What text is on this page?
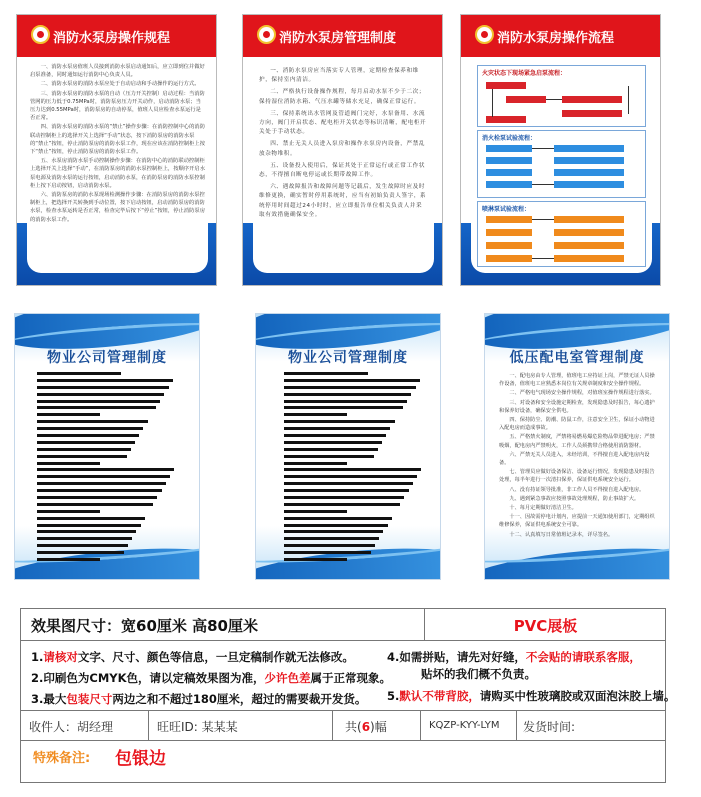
消防水泵房操作规程

一、消防水泵房值班人员接到消防水泵启动通知后，应立即到位并做好启泵准备，同时通知运行消防中心负责人员。

二、消防水泵房的消防水泵应处于自动启动和手动操作的运行方式。

三、消防水泵房的消防水泵的自动（压力开关控制）启动过程：当消防管网的压力低于0.75MPa时，消防泵房压力开关动作，启动消防水泵；当压力达到0.55MPa时，消防泵房的自动停泵，值班人员应检查水泵运行是否正常。

四、消防水泵房的消防水泵的“禁止”操作步骤：在消防控制中心的消防联动控制柜上的选择开关上选择“手动”状态，按下消防泵房的消防水泵的“禁止”按钮，停止消防泵房的消防水泵工作，现在应该在消防控制柜上按下“禁止”按钮，停止消防泵房的消防水泵工作。

五、水泵房消防水泵手动控制操作步骤：在消防中心的消防联动控制柜上选择开关上选择“手动”，在消防泵房的消防水泵控制柜上，按顺序开启水泵电源及消防水泵的运行按钮，启动消防水泵，在消防泵房的消防水泵控制柜上按下启动按钮，启动消防水泵。

六、消防泵房的消防水泵现场检测操作步骤：在消防泵房的消防水泵控制柜上，把选择开关转换到手动位置，按下启动按钮，启动消防泵房的消防水泵，检查水泵运转是否正常，检查完毕后按下“停止”按钮，停止消防泵房的消防水泵工作。

消防水泵房管理制度

一、消防水泵房应当落实专人管理，定期检查保养和维护，保持室内清洁。

二、严格执行设备操作规程，每月启动水泵不少于二次；保持湿位消防水箱、气压水罐等储水充足，确保正常运行。

三、保持系统出水管网及管道阀门完好，水泵备用、水流方向，阀门开启状态、配电柜开关状态等标识清晰，配电柜开关处于手动状态。

四、禁止无关人员进入泵房和操作水泵房内设备，严禁乱放杂物堆积。

五、设备投入使用后，保证其处于正常运行或正常工作状态，不得擅自断电停运或长期带故障工作。

六、遇故障报告和故障问题等记载后，发生故障时应及时维修更换，确实暂时停用系统时，应当有初始负责人签字，系统停用时间超过24小时时，应立即报告单位相关负责人并采取有效措施确保安全。

消防水泵房操作流程
火灾状态下现场紧急启泵流程：
消火栓泵试验流程：
喷淋泵试验流程：
物业公司管理制度	物业公司管理制度	低压配电室管理制度

一、配电房由专人管理，值班电工应持证上岗，严禁无证人员操作设备，值班电工应熟悉本岗位有关规章制度和安全操作规程。

二、严格电气现场安全操作规程，对值班室操作规程进行落实。

三、对设备和安全设施定期检查，发现隐患及时报告，每心遗护和保养好设备，确保安全供电。

四、保持防尘、防潮、防鼠工作，注意安全卫生，保证小动物进入配电房而造成事故。

五、严格禁火制度，严禁将易燃易爆危险物品带进配电房；严禁吸烟，配电房内严禁明火，工作人员须携带合格使用消防器材。

六、严禁无关人员进入，未经培训，不得擅自进入配电房内设备。

七、管理员应做好设备保洁、设备运行情况，发现隐患及时报告处理，每半年进行一次清扫保养，保证供电系统安全运行。

八、没有持证领导批准，非工作人员不得擅自进入配电房。

九、遇到紧急事故应按照事故处理规程，防止事故扩大。

十、每月定期做好清洁卫生。

十一、因故需停电计划内，应提前一天通知使用部门，定期组织维修保养，保证供电系统安全可靠。

十二、认真填写日常值班记录本，详尽签名。

效果图尺寸：宽60厘米 高80厘米	PVC展板
1.请核对文字、尺寸、颜色等信息，一旦定稿制作就无法修改。
2.印刷色为CMYK色，请以定稿效果图为准，少许色差属于正常现象。
3.最大包装尺寸两边之和不超过180厘米，超过的需要裁开发货。
4.如需拼贴，请先对好缝，不会贴的请联系客服，
贴坏的我们概不负责。
5.默认不带背胶，请购买中性玻璃胶或双面泡沫胶上墙。
收件人：胡经理	旺旺ID: 某某某	共(6)幅	KQZP-KYY-LYM 发货时间:
特殊备注: 包银边
